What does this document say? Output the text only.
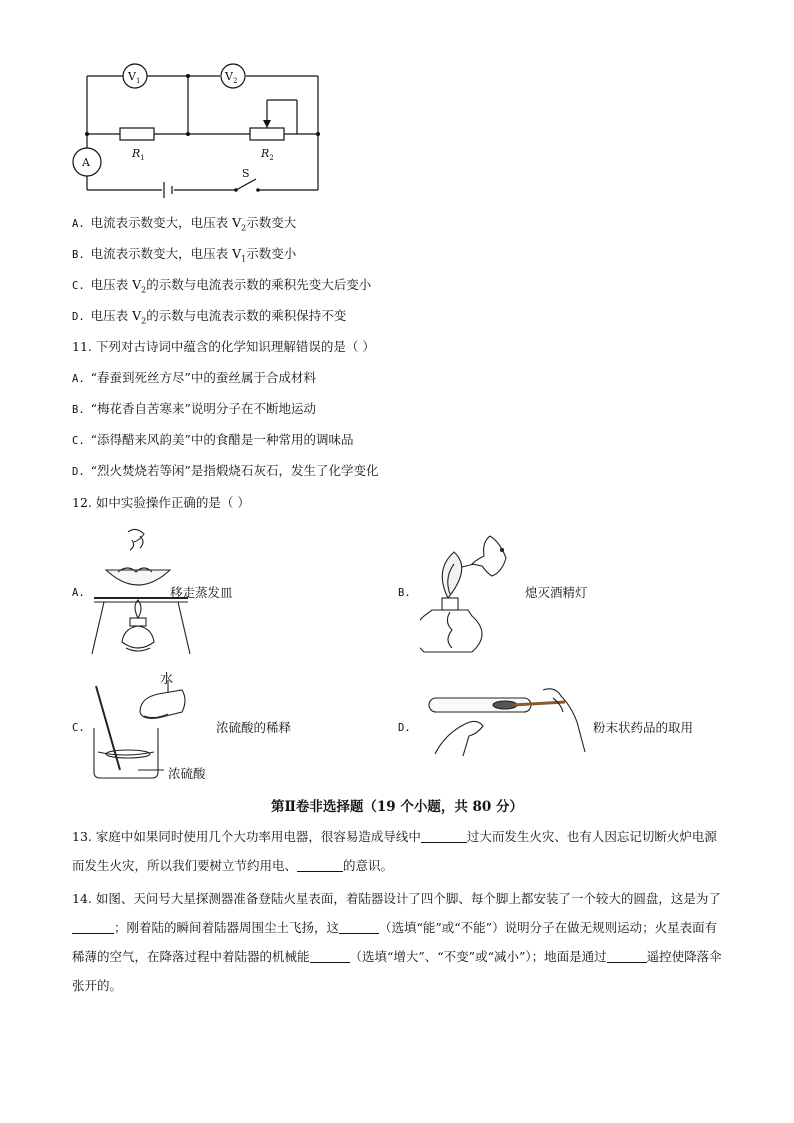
A
$V_1$	$V_2$
$R_1$	$R_2$
S
A. 电流表示数变大，电压表 $V_2$示数变大
B. 电流表示数变大，电压表 $V_1$示数变小
C. 电压表 $V_2$的示数与电流表示数的乘积先变大后变小
D. 电压表 $V_2$的示数与电流表示数的乘积保持不变
11. 下列对古诗词中蕴含的化学知识理解错误的是（ ）
A. “春蚕到死丝方尽”中的蚕丝属于合成材料
B. “梅花香自苦寒来”说明分子在不断地运动
C. “添得醋来风韵美”中的食醋是一种常用的调味品
D. “烈火焚烧若等闲”是指煅烧石灰石，发生了化学变化
12. 如中实验操作正确的是（ ）
A.	移走蒸发皿	B.	熄灭酒精灯
C.
水
浓硫酸
浓硫酸的稀释	D.	粉末状药品的取用
第Ⅱ卷非选择题（19 个小题，共 80 分）
13. 家庭中如果同时使用几个大功率用电器，很容易造成导线中	过大而发生火灾、也有人因忘记切断火炉电源而发生火灾，所以我们要树立节约用电、	的意识。
14. 如图、天问号大星探测器准备登陆火星表面，着陆器设计了四个脚、每个脚上都安装了一个较大的圆盘，这是为了；刚着陆的瞬间着陆器周围尘土飞扬，这	（选填“能”或“不能”）说明分子在做无规则运动；火星表面有稀薄的空气，在降落过程中着陆器的机械能	（选填“增大”、“不变”或“减小”）；地面是通过	遥控使降落伞张开的。
